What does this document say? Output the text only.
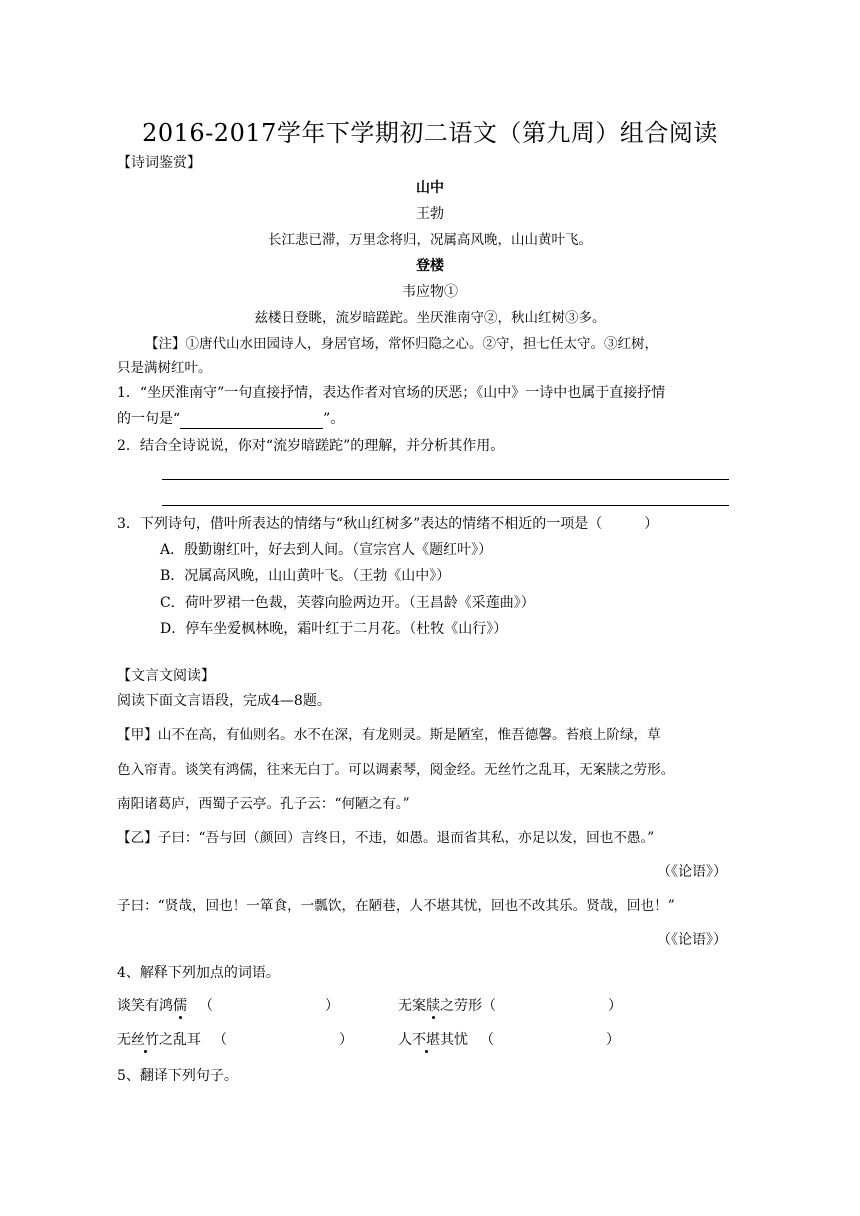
2016-2017学年下学期初二语文（第九周）组合阅读
【诗词鉴赏】
山中
王勃
长江悲已滞，万里念将归，况属高风晚，山山黄叶飞。
登楼
韦应物①
兹楼日登眺，流岁暗蹉跎。坐厌淮南守②，秋山红树③多。
【注】①唐代山水田园诗人，身居官场，常怀归隐之心。②守，担七任太守。③红树，
只是满树红叶。
1．“坐厌淮南守”一句直接抒情，表达作者对官场的厌恶；《山中》一诗中也属于直接抒情
的一句是“	”。
2．结合全诗说说，你对“流岁暗蹉跎”的理解，并分析其作用。
3．下列诗句，借叶所表达的情绪与“秋山红树多”表达的情绪不相近的一项是（　　　）
A．殷勤谢红叶，好去到人间。（宣宗宫人《题红叶》）
B．况属高风晚，山山黄叶飞。（王勃《山中》）
C．荷叶罗裙一色裁，芙蓉向脸两边开。（王昌龄《采莲曲》）
D．停车坐爱枫林晚，霜叶红于二月花。（杜牧《山行》）
【文言文阅读】
阅读下面文言语段，完成4—8题。
【甲】山不在高，有仙则名。水不在深，有龙则灵。斯是陋室，惟吾德馨。苔痕上阶绿，草
色入帘青。谈笑有鸿儒，往来无白丁。可以调素琴，阅金经。无丝竹之乱耳，无案牍之劳形。
南阳诸葛庐，西蜀子云亭。孔子云：“何陋之有。”
【乙】子曰：“吾与回（颜回）言终日，不违，如愚。退而省其私，亦足以发，回也不愚。”
（《论语》）
子曰：“贤哉，回也！一箪食，一瓢饮，在陋巷，人不堪其忧，回也不改其乐。贤哉，回也！”
（《论语》）
4、解释下列加点的词语。
谈笑有鸿儒 （　　　　　　　　）	无案牍之劳形（　　　　　　　　）
无丝竹之乱耳 （　　　　　　　　）	人不堪其忧 （　　　　　　　　）
5、翻译下列句子。
